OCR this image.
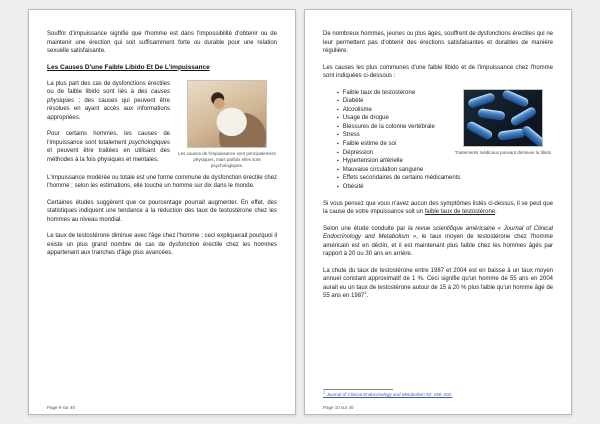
Souffrir d'impuissance signifie que l'homme est dans l'impossibilité d'obtenir ou de maintenir une érection qui soit suffisamment forte ou durable pour une relation sexuelle satisfaisante.

Les Causes D'une Faible Libido Et De L'impuissance
Les causes de l'impuissance sont principalement physiques, mais parfois elles sont psychologiques.

La plus part des cas de dysfonctions érectiles ou de faible libido sont liés à des causes physiques ; des causes qui peuvent être résolues en ayant accès aux informations appropriées.

Pour certains hommes, les causes de l'impuissance sont totalement psychologiques et peuvent être traitées en utilisant des méthodes à la fois physiques et mentales.

L'impuissance modérée ou totale est une forme commune de dysfonction érectile chez l'homme ; selon les estimations, elle touche un homme sur dix dans le monde.

Certaines études suggèrent que ce pourcentage pourrait augmenter. En effet, des statistiques indiquent une tendance à la réduction des taux de testostérone chez les hommes au niveau mondial.

Le taux de testostérone diminue avec l'âge chez l'homme ; ceci expliquerait pourquoi il existe un plus grand nombre de cas de dysfonction érectile chez les hommes appartenant aux tranches d'âge plus avancées.

Page 9 sur 40

De nombreux hommes, jeunes ou plus âgés, souffrent de dysfonctions érectiles qui ne leur permettent pas d'obtenir des érections satisfaisantes et durables de manière régulière.

Les causes les plus communes d'une faible libido et de l'impuissance chez l'homme sont indiquées ci-dessous :

Traitements médicaux pouvant diminuer la libido
▪ Faible taux de testostérone
▪ Diabète
▪ Alcoolisme
▪ Usage de drogue
▪ Blessures de la colonne vertébrale
▪ Stress
▪ Faible estime de soi
▪ Dépression
▪ Hypertension artérielle
▪ Mauvaise circulation sanguine
▪ Effets secondaires de certains médicaments
▪ Obésité

Si vous pensez que vous n'avez aucun des symptômes listés ci-dessus, il se peut que la cause de votre impuissance soit un faible taux de testostérone.

Selon une étude conduite par la revue scientifique américaine « Journal of Clinical Endocrinology and Metabolism », le taux moyen de testostérone chez l'homme américain est en déclin, et il est maintenant plus faible chez les hommes âgés par rapport à 20 ou 30 ans en arrière.

La chute du taux de testostérone entre 1987 et 2004 est en baisse à un taux moyen annuel constant approximatif de 1 %. Ceci signifie qu'un homme de 55 ans en 2004 aurait eu un taux de testostérone autour de 15 à 20 % plus faible qu'un homme âgé de 55 ans en 1987$^1$.

$^1$ Journal of Clinical Endocrinology and Metabolism 92: 196–202.
Page 10 sur 40
